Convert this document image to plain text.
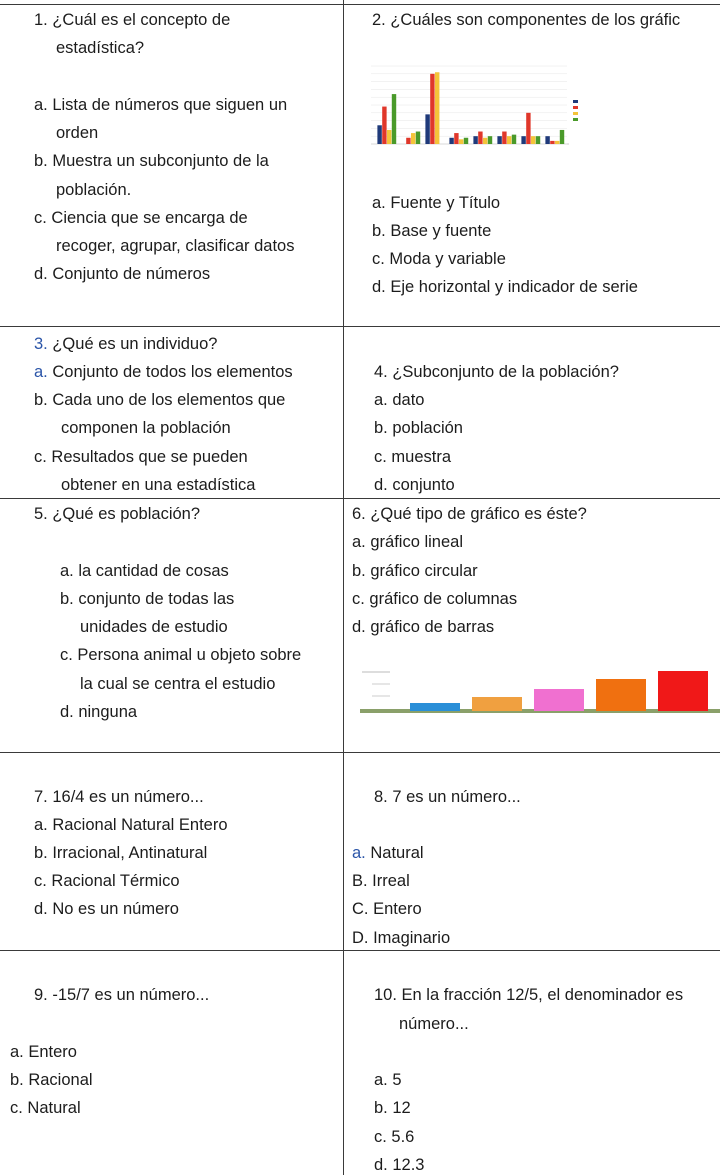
1. ¿Cuál es el concepto de
estadística?
a. Lista de números que siguen un
orden
b. Muestra un subconjunto de la
población.
c. Ciencia que se encarga de
recoger, agrupar, clasificar datos
d. Conjunto de números
2. ¿Cuáles son componentes de los gráfic
a. Fuente y Título
b. Base y fuente
c. Moda y variable
d. Eje horizontal y indicador de serie
3. ¿Qué es un individuo?
a. Conjunto de todos los elementos
b. Cada uno de los elementos que
componen la población
c. Resultados que se pueden
obtener en una estadística
4. ¿Subconjunto de la población?
a. dato
b. población
c. muestra
d. conjunto
5. ¿Qué es población?
a. la cantidad de cosas
b. conjunto de todas las
unidades de estudio
c. Persona animal u objeto sobre
la cual se centra el estudio
d. ninguna
6. ¿Qué tipo de gráfico es éste?
a. gráfico lineal
b. gráfico circular
c. gráfico de columnas
d. gráfico de barras
7. 16/4 es un número...
a. Racional Natural Entero
b. Irracional, Antinatural
c. Racional Térmico
d. No es un número
8. 7 es un número...
a. Natural
B. Irreal
C. Entero
D. Imaginario
9. -15/7 es un número...
a. Entero
b. Racional
c. Natural
10. En la fracción 12/5, el denominador es
número...
a. 5
b. 12
c. 5.6
d. 12.3
